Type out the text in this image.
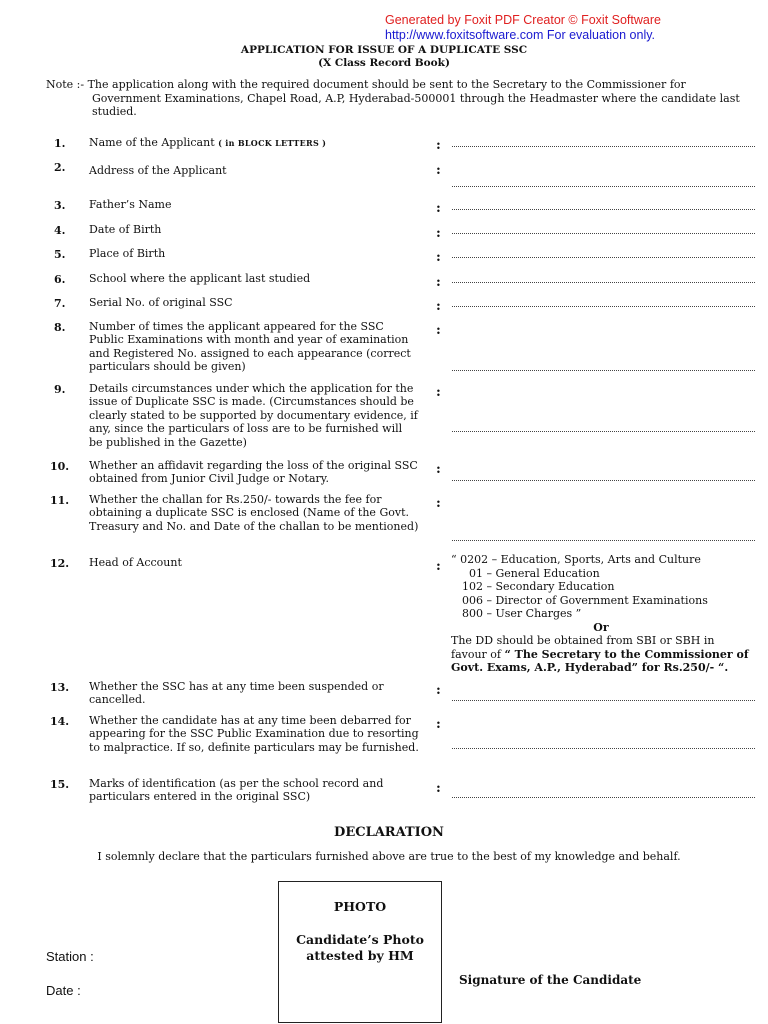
Generated by Foxit PDF Creator © Foxit Software
http://www.foxitsoftware.com For evaluation only.
APPLICATION FOR ISSUE OF A DUPLICATE SSC
(X Class Record Book)
Note :- The application along with the required document should be sent to the Secretary to the Commissioner for
Government Examinations, Chapel Road, A.P, Hyderabad-500001 through the Headmaster where the candidate last
studied.
1.	Name of the Applicant ( in BLOCK LETTERS )	:
2.	Address of the Applicant	:
3.	Father’s Name	:
4.	Date of Birth	:
5.	Place of Birth	:
6.	School where the applicant last studied	:
7.	Serial No. of original SSC	:
8.	Number of times the applicant appeared for the SSC Public Examinations with month and year of examination and Registered No. assigned to each appearance (correct particulars should be given)
:
9.	Details circumstances under which the application for the issue of Duplicate SSC is made. (Circumstances should be clearly stated to be supported by documentary evidence, if any, since the particulars of loss are to be furnished will be published in the Gazette)
:
10.	Whether an affidavit regarding the loss of the original SSC obtained from Junior Civil Judge or Notary.
:
11.	Whether the challan for Rs.250/- towards the fee for obtaining a duplicate SSC is enclosed (Name of the Govt. Treasury and No. and Date of the challan to be mentioned)
:
12.	Head of Account	: “ 0202 – Education, Sports, Arts and Culture
01 – General Education
102 – Secondary Education
006 – Director of Government Examinations
800 – User Charges ”
Or
The DD should be obtained from SBI or SBH in
favour of “ The Secretary to the Commissioner of
Govt. Exams, A.P., Hyderabad” for Rs.250/- “.
13.	Whether the SSC has at any time been suspended or cancelled.
:
14.	Whether the candidate has at any time been debarred for appearing for the SSC Public Examination due to resorting to malpractice. If so, definite particulars may be furnished.
:
15.	Marks of identification (as per the school record and particulars entered in the original SSC)
:
DECLARATION
I solemnly declare that the particulars furnished above are true to the best of my knowledge and behalf.
PHOTO
Candidate’s Photo
attested by HM
Station :
Date :
Signature of the Candidate
